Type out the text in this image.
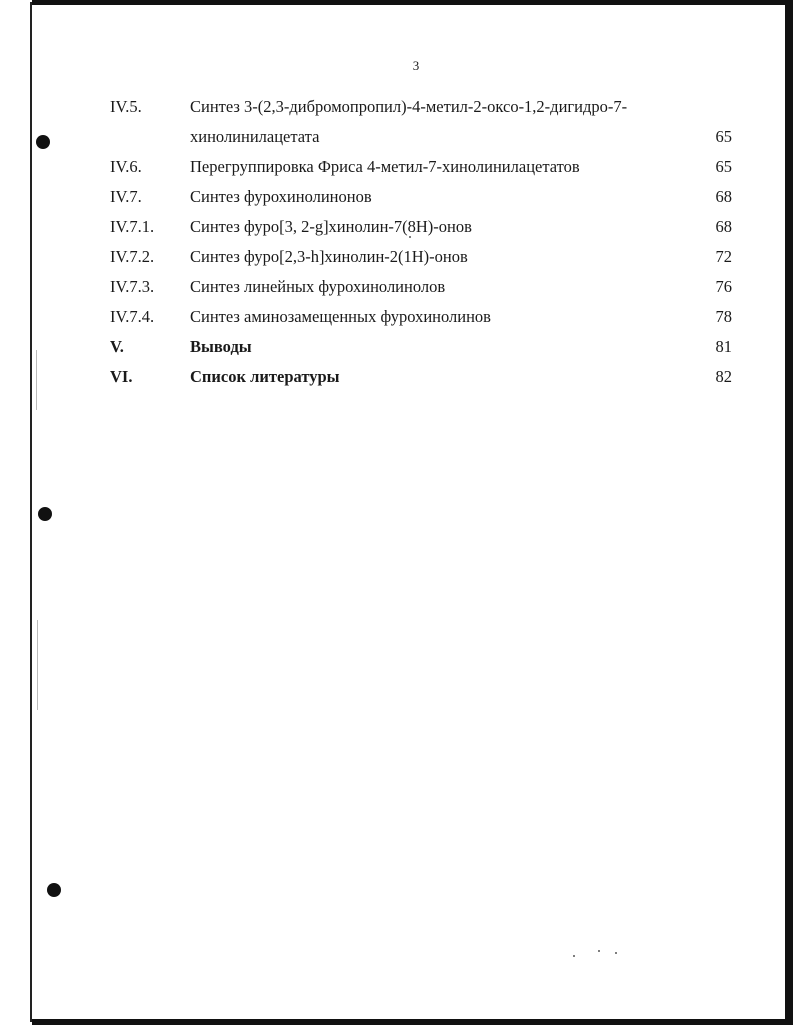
3
IV.5.	Синтез 3-(2,3-дибромопропил)-4-метил-2-оксо-1,2-дигидро-7-
хинолинилацетата	65
IV.6.	Перегруппировка Фриса 4-метил-7-хинолинилацетатов	65
IV.7.	Синтез фурохинолинонов	68
IV.7.1.	Синтез фуро[3, 2-g]хинолин-7(8H)-онов	68
IV.7.2.	Синтез фуро[2,3-h]хинолин-2(1H)-онов	72
IV.7.3.	Синтез линейных фурохинолинолов	76
IV.7.4.	Синтез аминозамещенных фурохинолинов	78
V.	Выводы	81
VI.	Список литературы	82
